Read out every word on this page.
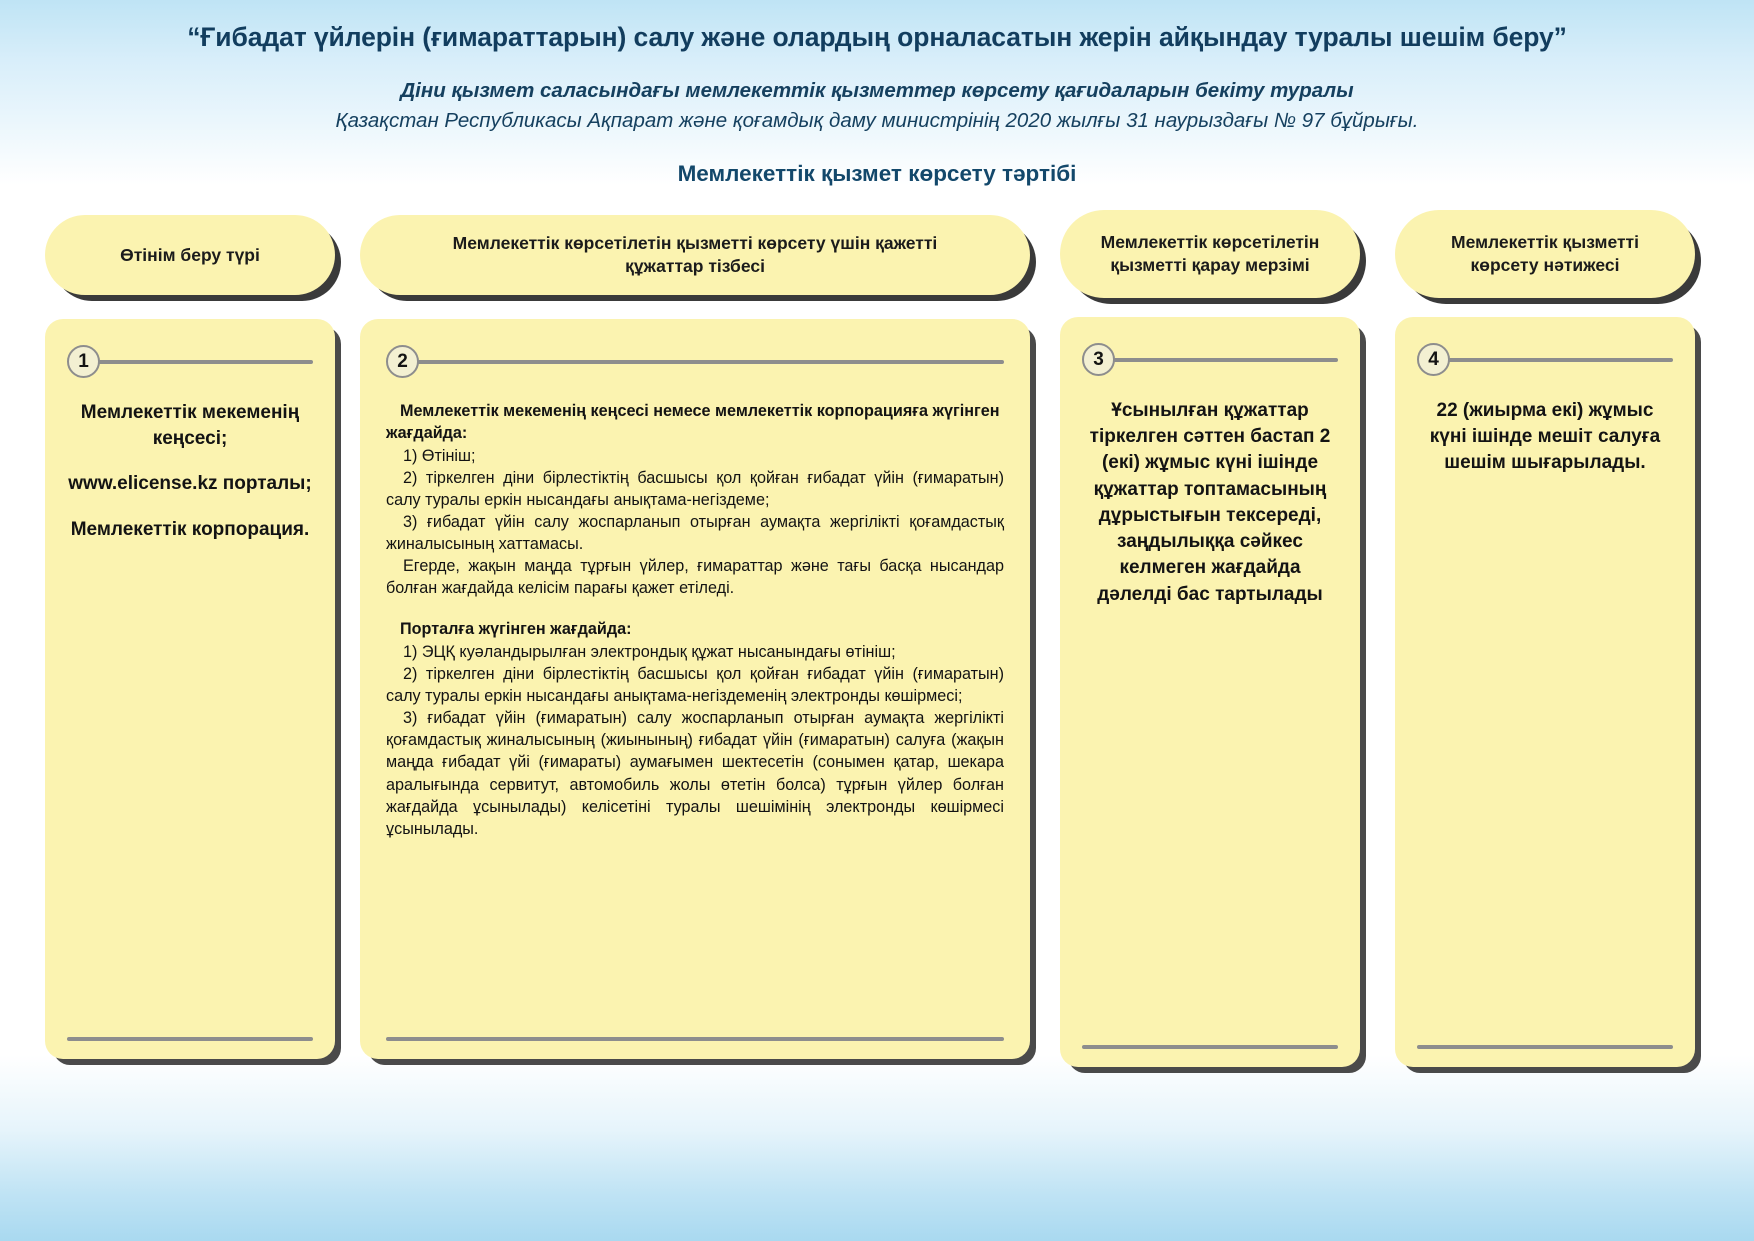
“Ғибадат үйлерін (ғимараттарын) салу және олардың орналасатын жерін айқындау туралы шешім беру”
Діни қызмет саласындағы мемлекеттік қызметтер көрсету қағидаларын бекіту туралы
Қазақстан Республикасы Ақпарат және қоғамдық даму министрінің 2020 жылғы 31 наурыздағы № 97 бұйрығы.
Мемлекеттік қызмет көрсету тәртібі
Өтінім беру түрі
1

Мемлекеттік мекеменің кеңсесі;

www.elicense.kz порталы;

Мемлекеттік корпорация.

Мемлекеттік көрсетілетін қызметті көрсету үшін қажетті құжаттар тізбесі
2
Мемлекеттік мекеменің кеңсесі немесе мемлекеттік корпорацияға жүгінген жағдайда:
1) Өтініш;
2) тіркелген діни бірлестіктің басшысы қол қойған ғибадат үйін (ғимаратын) салу туралы еркін нысандағы анықтама-негіздеме;
3) ғибадат үйін салу жоспарланып отырған аумақта жергілікті қоғамдастық жиналысының хаттамасы.
Егерде, жақын маңда тұрғын үйлер, ғимараттар және тағы басқа нысандар болған жағдайда келісім парағы қажет етіледі.
Порталға жүгінген жағдайда:
1) ЭЦҚ куәландырылған электрондық құжат нысанындағы өтініш;
2) тіркелген діни бірлестіктің басшысы қол қойған ғибадат үйін (ғимаратын) салу туралы еркін нысандағы анықтама-негіздеменің электронды көшірмесі;
3) ғибадат үйін (ғимаратын) салу жоспарланып отырған аумақта жергілікті қоғамдастық жиналысының (жиынының) ғибадат үйін (ғимаратын) салуға (жақын маңда ғибадат үйі (ғимараты) аумағымен шектесетін (сонымен қатар, шекара аралығында сервитут, автомобиль жолы өтетін болса) тұрғын үйлер болған жағдайда ұсынылады) келісетіні туралы шешімінің электронды көшірмесі ұсынылады.
Мемлекеттік көрсетілетін қызметті қарау мерзімі
3

Ұсынылған құжаттар тіркелген сәттен бастап 2 (екі) жұмыс күні ішінде құжаттар топтамасының дұрыстығын тексереді, заңдылыққа сәйкес келмеген жағдайда дәлелді бас тартылады

Мемлекеттік қызметті көрсету нәтижесі
4

22 (жиырма екі) жұмыс күні ішінде мешіт салуға шешім шығарылады.
